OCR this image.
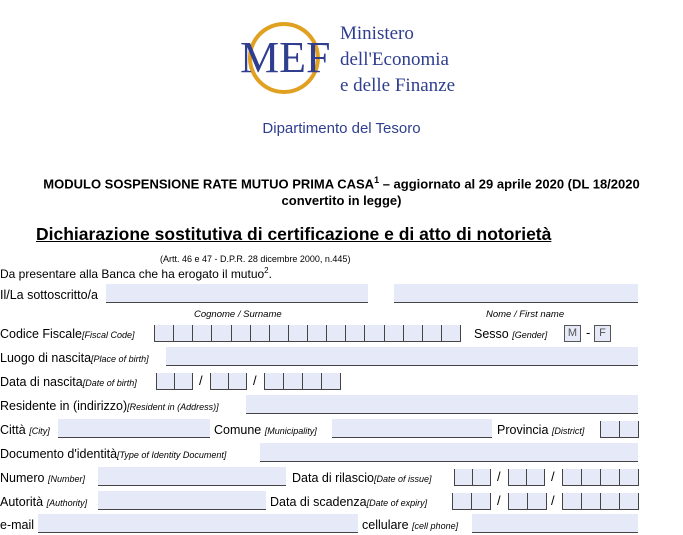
MEF Ministero
dell'Economia
e delle Finanze
Dipartimento del Tesoro
MODULO SOSPENSIONE RATE MUTUO PRIMA CASA$^1$ – aggiornato al 29 aprile 2020 (DL 18/2020
convertito in legge)
Dichiarazione sostitutiva di certificazione e di atto di notorietà
(Artt. 46 e 47 - D.P.R. 28 dicembre 2000, n.445)
Da presentare alla Banca che ha erogato il mutuo$^2$.
Il/La sottoscritto/a
Cognome / Surname	Nome / First name
Codice Fiscale[Fiscal Code]	Sesso [Gender]	M - F
Luogo di nascita[Place of birth]
Data di nascita[Date of birth]	/	/
Residente in (indirizzo)[Resident in (Address)]
Città [City]	Comune [Municipality]	Provincia [District]
Documento d'identità[Type of Identity Document]
Numero [Number]	Data di rilascio[Date of issue]	/	/
Autorità [Authority]	Data di scadenza[Date of expiry]	/	/
e-mail	cellulare [cell phone]
